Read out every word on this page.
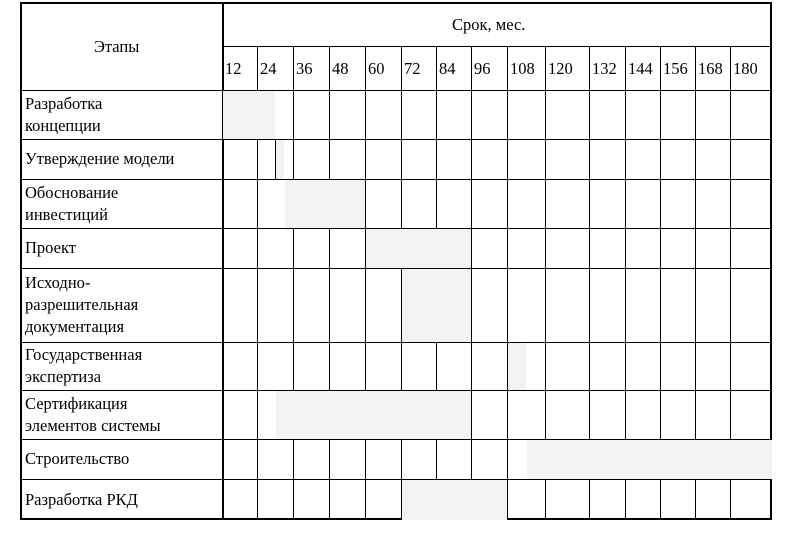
Этапы
Срок, мес.
12 24 36 48 60 72 84 96 108 120 132 144 156 168 180
Разработка
концепции
Утверждение модели
Обоснование
инвестиций
Проект
Исходно-
разрешительная
документация
Государственная
экспертиза
Сертификация
элементов системы
Строительство
Разработка РКД
